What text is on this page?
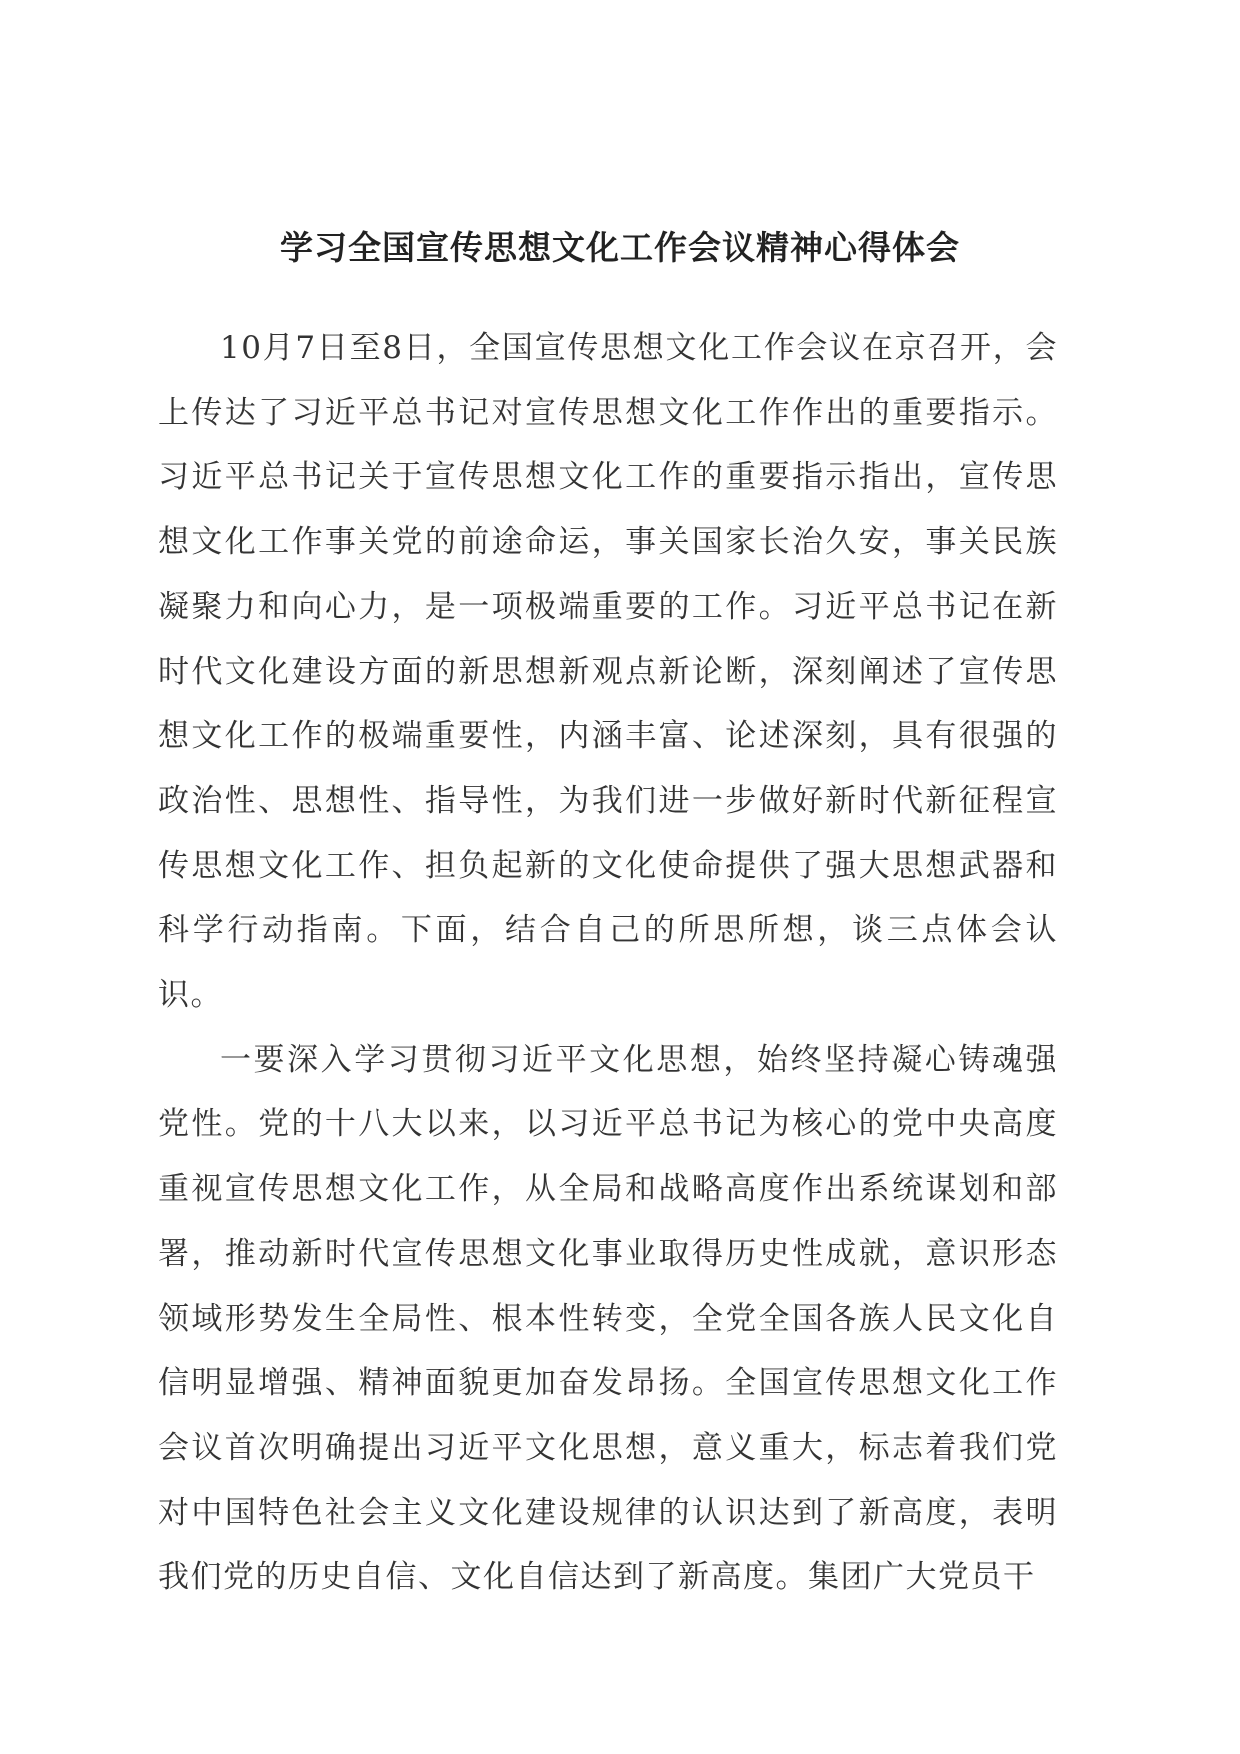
学习全国宣传思想文化工作会议精神心得体会

10月7日至8日，全国宣传思想文化工作会议在京召开，会上传达了习近平总书记对宣传思想文化工作作出的重要指示。习近平总书记关于宣传思想文化工作的重要指示指出，宣传思想文化工作事关党的前途命运，事关国家长治久安，事关民族凝聚力和向心力，是一项极端重要的工作。习近平总书记在新时代文化建设方面的新思想新观点新论断，深刻阐述了宣传思想文化工作的极端重要性，内涵丰富、论述深刻，具有很强的政治性、思想性、指导性，为我们进一步做好新时代新征程宣传思想文化工作、担负起新的文化使命提供了强大思想武器和科学行动指南。下面，结合自己的所思所想，谈三点体会认识。

一要深入学习贯彻习近平文化思想，始终坚持凝心铸魂强党性。党的十八大以来，以习近平总书记为核心的党中央高度重视宣传思想文化工作，从全局和战略高度作出系统谋划和部署，推动新时代宣传思想文化事业取得历史性成就，意识形态领域形势发生全局性、根本性转变，全党全国各族人民文化自信明显增强、精神面貌更加奋发昂扬。全国宣传思想文化工作会议首次明确提出习近平文化思想，意义重大，标志着我们党对中国特色社会主义文化建设规律的认识达到了新高度，表明我们党的历史自信、文化自信达到了新高度。集团广大党员干
